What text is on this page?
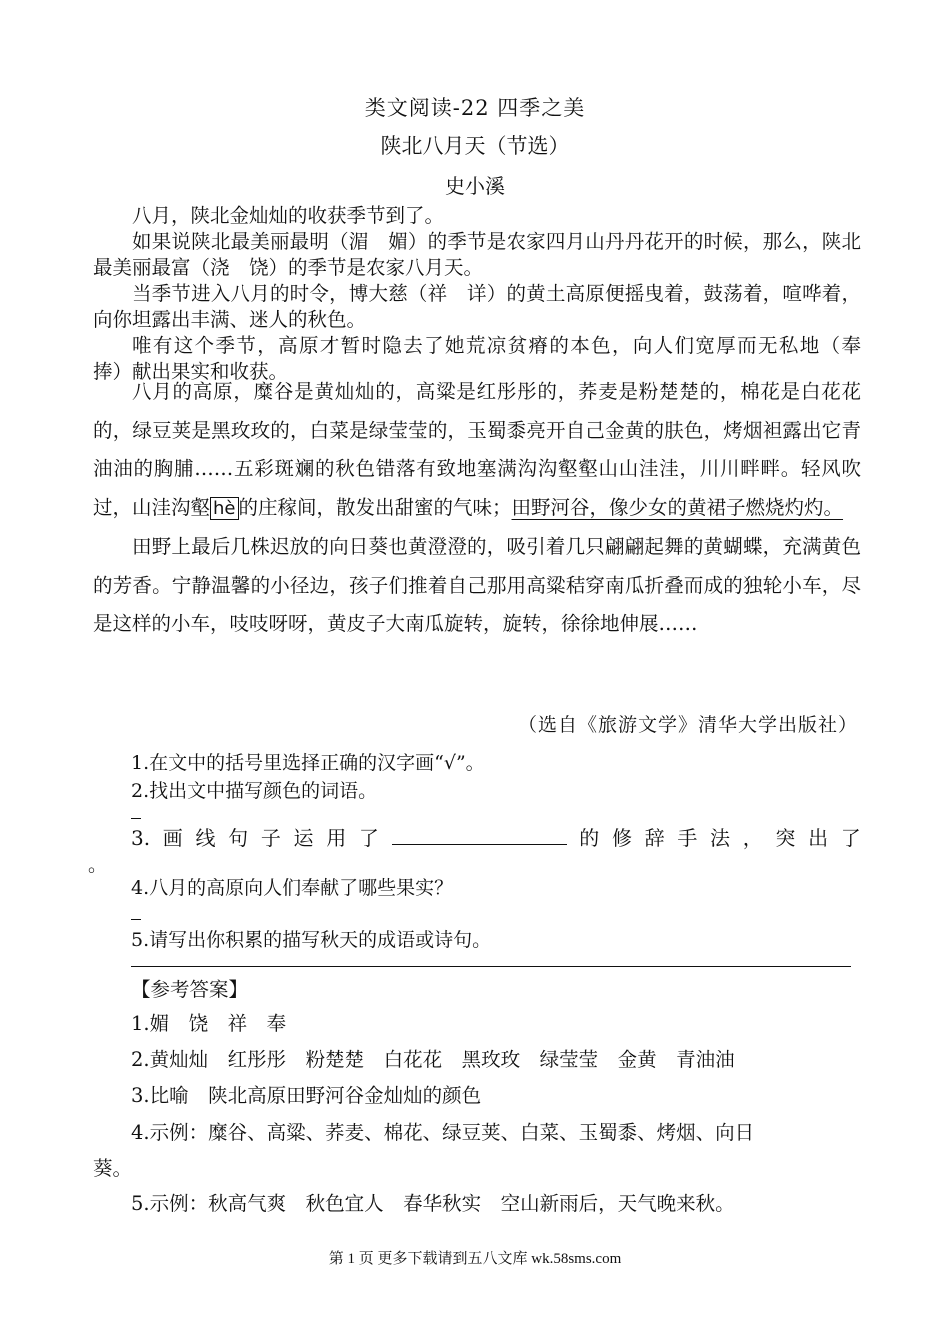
类文阅读-22 四季之美
陕北八月天（节选）
史小溪

八月，陕北金灿灿的收获季节到了。

如果说陕北最美丽最明（湄　媚）的季节是农家四月山丹丹花开的时候，那么，陕北最美丽最富（浇　饶）的季节是农家八月天。

当季节进入八月的时令，博大慈（祥　详）的黄土高原便摇曳着，鼓荡着，喧哗着，向你坦露出丰满、迷人的秋色。

唯有这个季节，高原才暂时隐去了她荒凉贫瘠的本色，向人们宽厚而无私地（奉　捧）献出果实和收获。

八月的高原，糜谷是黄灿灿的，高粱是红彤彤的，荞麦是粉楚楚的，棉花是白花花的，绿豆荚是黑玫玫的，白菜是绿莹莹的，玉蜀黍亮开自己金黄的肤色，烤烟袒露出它青油油的胸脯……五彩斑斓的秋色错落有致地塞满沟沟壑壑山山洼洼，川川畔畔。轻风吹过，山洼沟壑 hè 的庄稼间，散发出甜蜜的气味；田野河谷，像少女的黄裙子燃烧灼灼。

田野上最后几株迟放的向日葵也黄澄澄的，吸引着几只翩翩起舞的黄蝴蝶，充满黄色的芳香。宁静温馨的小径边，孩子们推着自己那用高粱秸穿南瓜折叠而成的独轮小车，尽是这样的小车，吱吱呀呀，黄皮子大南瓜旋转，旋转，徐徐地伸展……

（选自《旅游文学》清华大学出版社）
1.在文中的括号里选择正确的汉字画“√”。
2.找出文中描写颜色的词语。
3. 画 线 句 子 运 用 了	的 修 辞 手 法 ， 突 出 了
。
4.八月的高原向人们奉献了哪些果实？
5.请写出你积累的描写秋天的成语或诗句。
【参考答案】
1.媚　饶　祥　奉
2.黄灿灿　红彤彤　粉楚楚　白花花　黑玫玫　绿莹莹　金黄　青油油
3.比喻　陕北高原田野河谷金灿灿的颜色
4.示例：糜谷、高粱、荞麦、棉花、绿豆荚、白菜、玉蜀黍、烤烟、向日
葵。
5.示例：秋高气爽　秋色宜人　春华秋实　空山新雨后，天气晚来秋。
第 1 页 更多下载请到五八文库 wk.58sms.com
